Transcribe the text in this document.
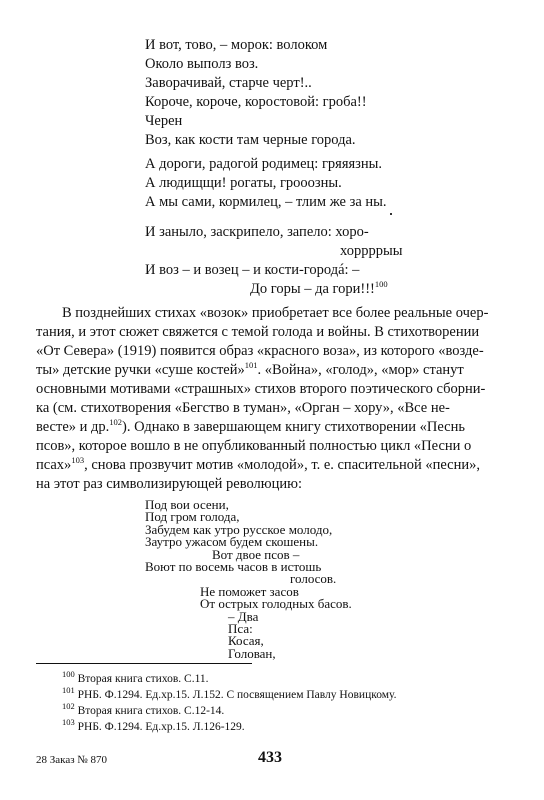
И вот, тово, – морок: волоком
Около выполз воз.
Заворачивай, старче черт!..
Короче, короче, коростовой: гроба!!
Черен
Воз, как кости там черные города.
А дороги, радогой родимец: гряяязны.
А людищщи! рогаты, грооозны.
А мы сами, кормилец, – тлим же за ны.
И заныло, заскрипело, запело: хоро-
хоррррыы
И воз – и возец – и кости-городá: –
До горы – да гори!!!$^{100}$
В позднейших стихах «возок» приобретает все более реальные очер-
тания, и этот сюжет свяжется с темой голода и войны. В стихотворении
«От Севера» (1919) появится образ «красного воза», из которого «возде-
ты» детские ручки «суше костей»$^{101}$. «Война», «голод», «мор» станут
основными мотивами «страшных» стихов второго поэтического сборни-
ка (см. стихотворения «Бегство в туман», «Орган – хору», «Все не-
весте» и др.$^{102}$). Однако в завершающем книгу стихотворении «Песнь
псов», которое вошло в не опубликованный полностью цикл «Песни о
псах»$^{103}$, снова прозвучит мотив «молодой», т. е. спасительной «песни»,
на этот раз символизирующей революцию:
Под вои осени,
Под гром голода,
Забудем как утро русское молодо,
Заутро ужасом будем скошены.
Вот двое псов –
Воют по восемь часов в истошь
голосов.
Не поможет засов
От острых голодных басов.
– Два
Пса:
Косая,
Голован,
$^{100}$ Вторая книга стихов. С.11.
$^{101}$ РНБ. Ф.1294. Ед.хр.15. Л.152. С посвящением Павлу Новицкому.
$^{102}$ Вторая книга стихов. С.12-14.
$^{103}$ РНБ. Ф.1294. Ед.хр.15. Л.126-129.
28 Заказ № 870	433
